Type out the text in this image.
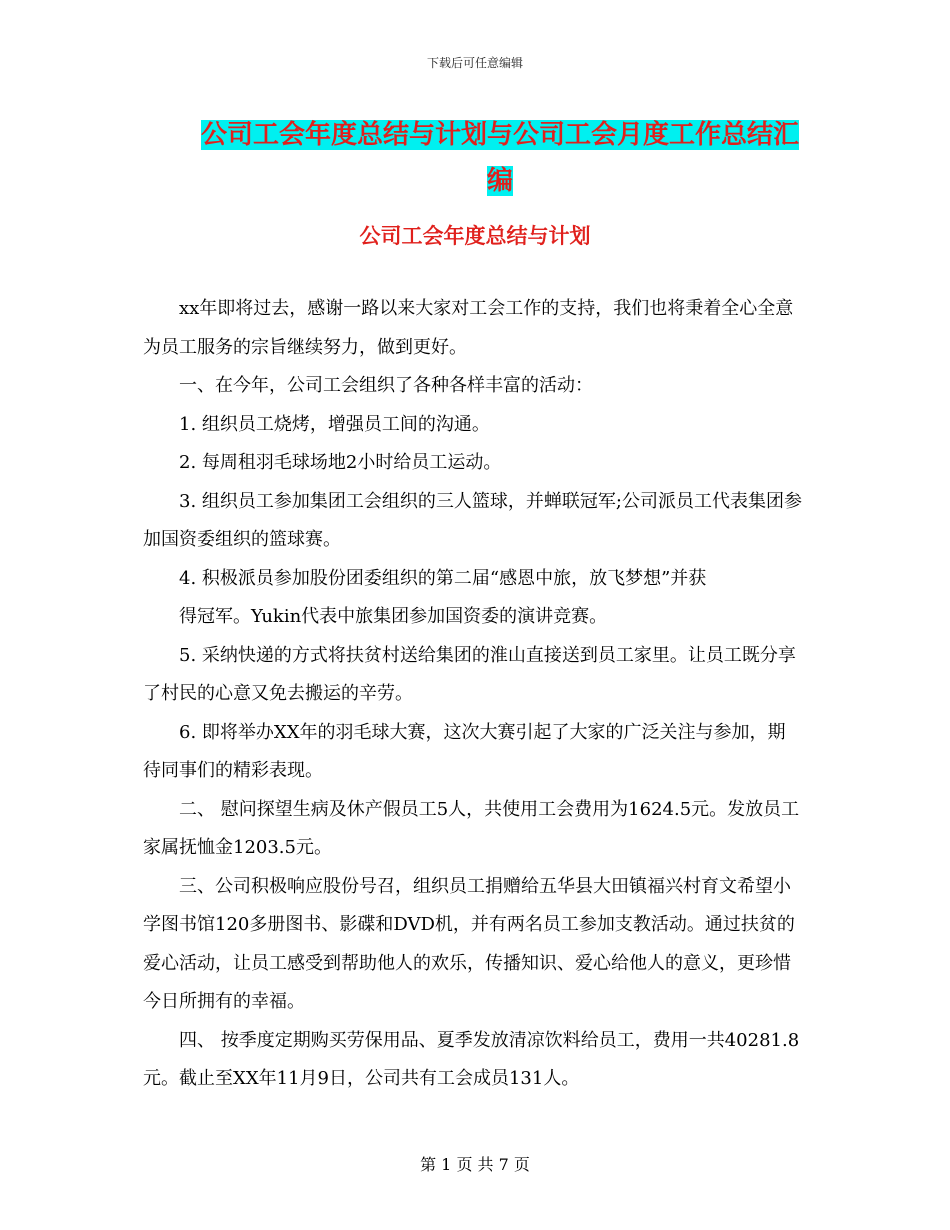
下载后可任意编辑
公司工会年度总结与计划与公司工会月度工作总结汇编
公司工会年度总结与计划

xx年即将过去，感谢一路以来大家对工会工作的支持，我们也将秉着全心全意为员工服务的宗旨继续努力，做到更好。

一、在今年，公司工会组织了各种各样丰富的活动：

1. 组织员工烧烤，增强员工间的沟通。

2. 每周租羽毛球场地2小时给员工运动。

3. 组织员工参加集团工会组织的三人篮球，并蝉联冠军;公司派员工代表集团参加国资委组织的篮球赛。

4. 积极派员参加股份团委组织的第二届“感恩中旅，放飞梦想”并获

得冠军。Yukin代表中旅集团参加国资委的演讲竞赛。

5. 采纳快递的方式将扶贫村送给集团的淮山直接送到员工家里。让员工既分享了村民的心意又免去搬运的辛劳。

6. 即将举办XX年的羽毛球大赛，这次大赛引起了大家的广泛关注与参加，期待同事们的精彩表现。

二、 慰问探望生病及休产假员工5人，共使用工会费用为1624.5元。发放员工家属抚恤金1203.5元。

三、公司积极响应股份号召，组织员工捐赠给五华县大田镇福兴村育文希望小学图书馆120多册图书、影碟和DVD机，并有两名员工参加支教活动。通过扶贫的爱心活动，让员工感受到帮助他人的欢乐，传播知识、爱心给他人的意义，更珍惜今日所拥有的幸福。

四、 按季度定期购买劳保用品、夏季发放清凉饮料给员工，费用一共40281.8元。截止至XX年11月9日，公司共有工会成员131人。

第 1 页 共 7 页
